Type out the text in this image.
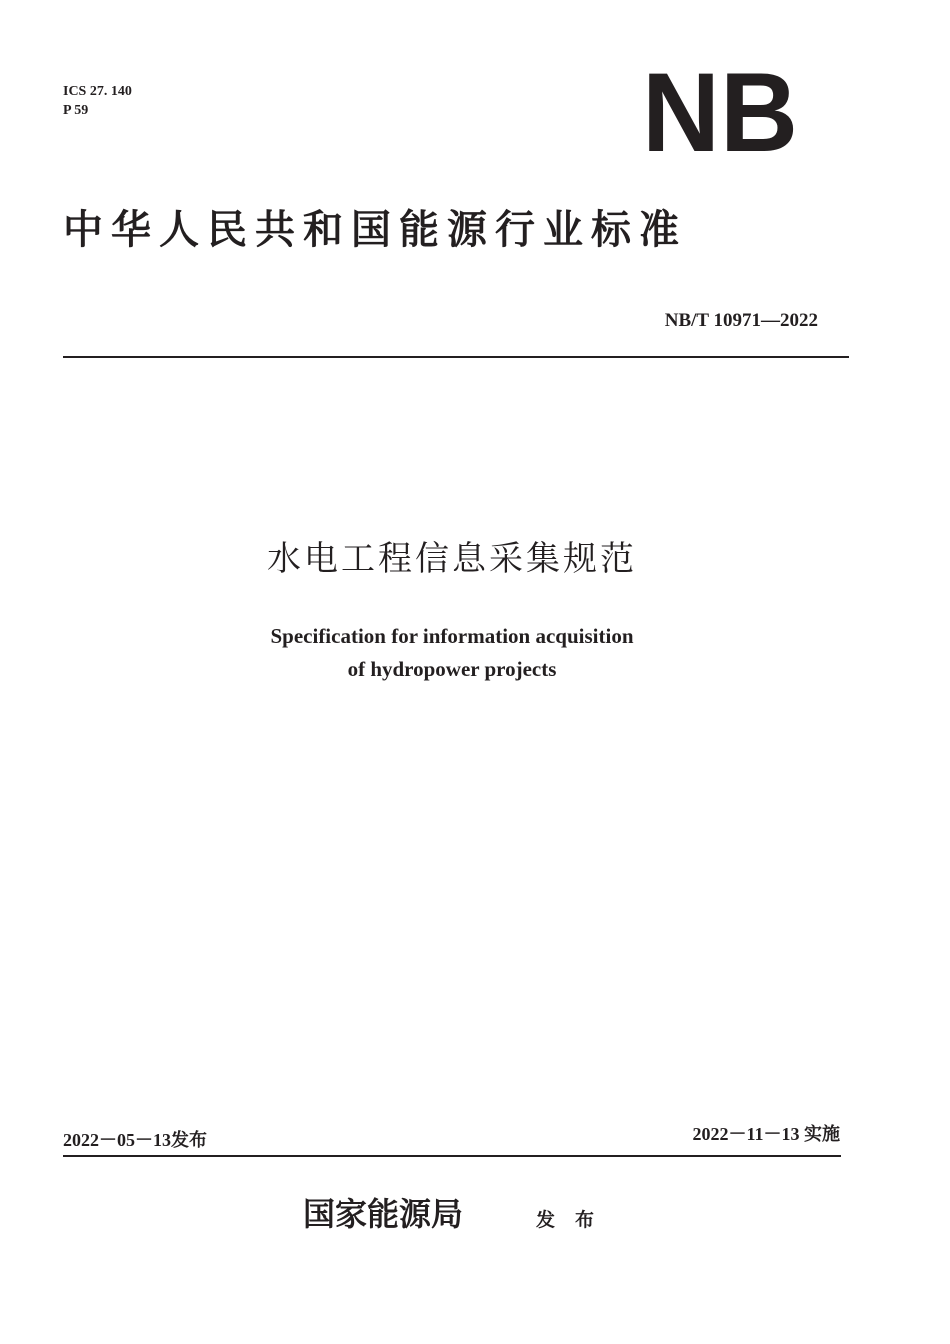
ICS 27. 140
P 59	NB
中华人民共和国能源行业标准
NB/T 10971—2022
水电工程信息采集规范
Specification for information acquisition
of hydropower projects
2022－05－13发布	2022－11－13 实施
国家能源局	发布
